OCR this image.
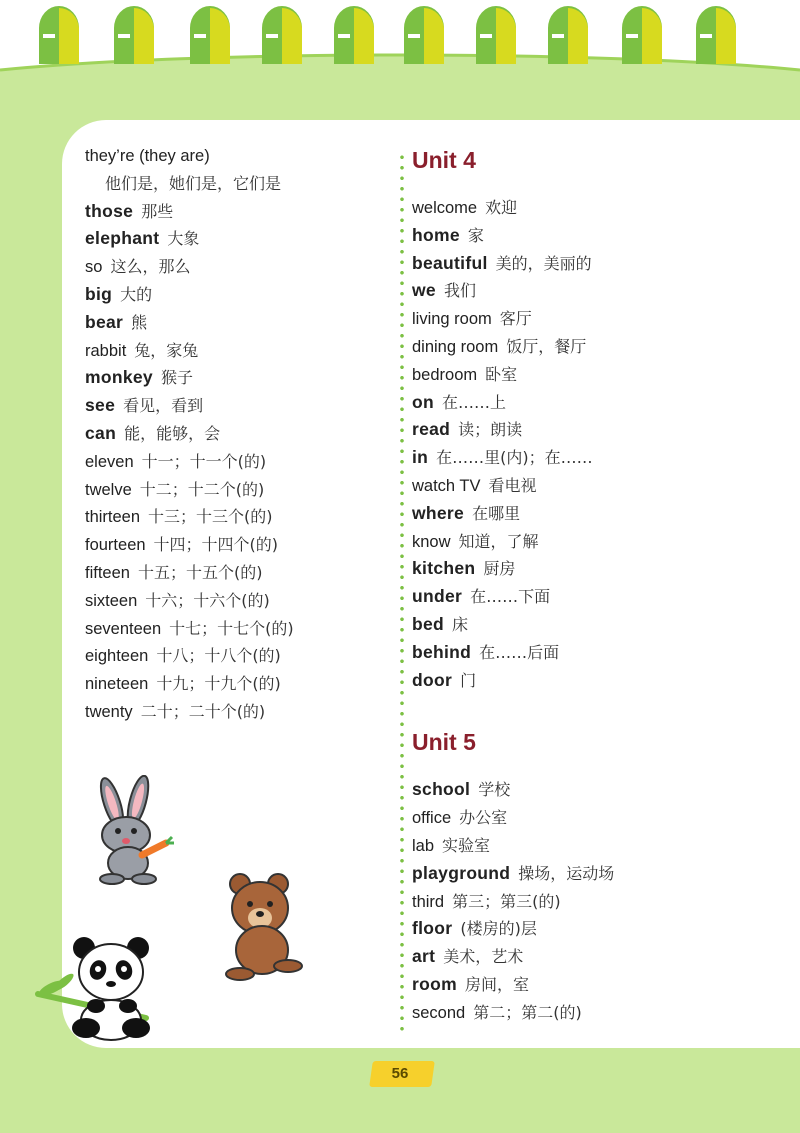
they’re (they are)
他们是，她们是，它们是
those 那些
elephant 大象
so 这么，那么
big 大的
bear 熊
rabbit 兔，家兔
monkey 猴子
see 看见，看到
can 能，能够，会
eleven 十一；十一个(的)
twelve 十二；十二个(的)
thirteen 十三；十三个(的)
fourteen 十四；十四个(的)
fifteen 十五；十五个(的)
sixteen 十六；十六个(的)
seventeen 十七；十七个(的)
eighteen 十八；十八个(的)
nineteen 十九；十九个(的)
twenty 二十；二十个(的)
Unit 4
welcome 欢迎
home 家
beautiful 美的，美丽的
we 我们
living room 客厅
dining room 饭厅，餐厅
bedroom 卧室
on 在……上
read 读；朗读
in 在……里(内)；在……
watch TV 看电视
where 在哪里
know 知道，了解
kitchen 厨房
under 在……下面
bed 床
behind 在……后面
door 门
Unit 5
school 学校
office 办公室
lab 实验室
playground 操场，运动场
third 第三；第三(的)
floor (楼房的)层
art 美术，艺术
room 房间，室
second 第二；第二(的)
56
